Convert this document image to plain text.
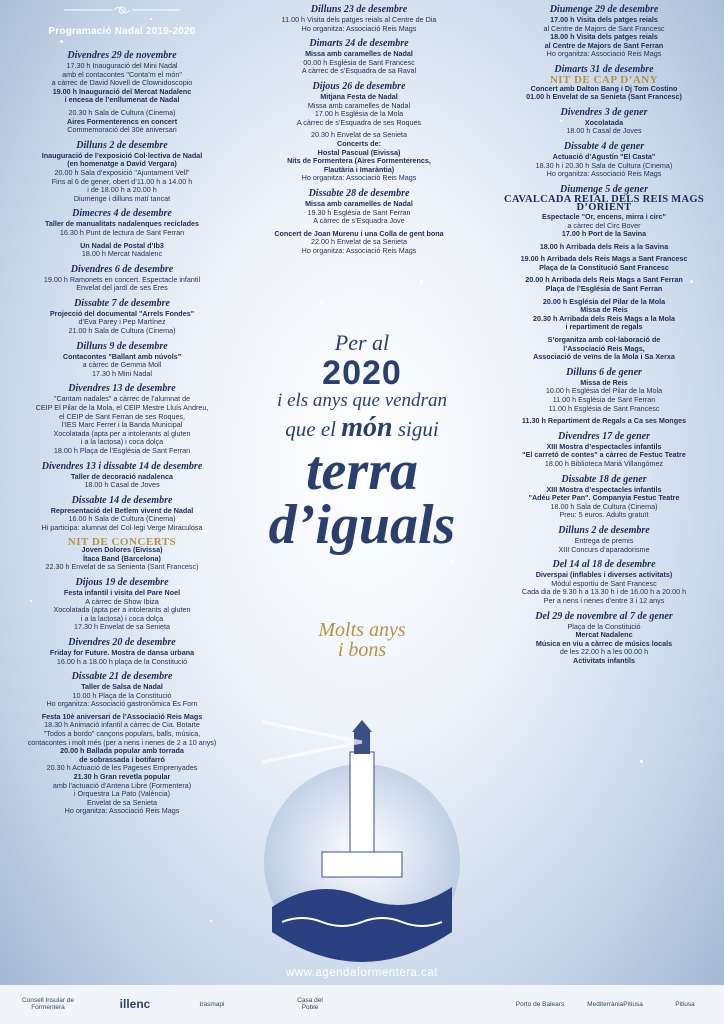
Programació Nadal 2019-2020
Divendres 29 de novembre
17.30 h Inauguració del Mini Nadal
amb el contacontes "Conta’m el món"
a càrrec de David Novell de Clownidoscopio
19.00 h Inauguració del Mercat Nadalenc
i encesa de l’enllumenat de Nadal

20.30 h Sala de Cultura (Cinema)
Aires Formenterencs en concert
Commemoració del 30è aniversari
Dilluns 2 de desembre
Inauguració de l’exposició Col·lectiva de Nadal
(en homenatge a David Vergara)
20.00 h Sala d’exposició "Ajuntament Vell"
Fins al 6 de gener, obert d’11.00 h a 14.00 h
i de 18.00 h a 20.00 h
Diumenge i dilluns matí tancat
Dimecres 4 de desembre
Taller de manualitats nadalenques reciclades
16.30 h Punt de lectura de Sant Ferran

Un Nadal de Postal d’Ib3
18.00 h Mercat Nadalenc
Divendres 6 de desembre
19.00 h Ramonets en concert. Espectacle infantil
Envelat del jardí de ses Eres
Dissabte 7 de desembre
Projecció del documental "Arrels Fondes"
d’Eva Parey i Pep Martínez
21.00 h Sala de Cultura (Cinema)
Dilluns 9 de desembre
Contacontes "Ballant amb núvols"
a càrrec de Gemma Moll
17.30 h Mini Nadal
Divendres 13 de desembre
"Cantam nadales" a càrrec de l’alumnat de
CEIP El Pilar de la Mola, el CEIP Mestre Lluís Andreu,
el CEIP de Sant Ferran de ses Roques,
l’IES Marc Ferrer i la Banda Municipal
Xocolatada (apta per a intolerants al gluten
i a la lactosa) i coca dolça
18.00 h Plaça de l’Església de Sant Ferran
Divendres 13 i dissabte 14 de desembre
Taller de decoració nadalenca
18.00 h Casal de Joves
Dissabte 14 de desembre
Representació del Betlem vivent de Nadal
16.00 h Sala de Cultura (Cinema)
Hi participa: alumnat del Col·legi Verge Miraculosa
NIT DE CONCERTS
Joven Dolores (Eivissa)
Ítaca Band (Barcelona)
22.30 h Envelat de sa Senienta (Sant Francesc)
Dijous 19 de desembre
Festa infantil i visita del Pare Noel
A càrrec de Show Ibiza
Xocolatada (apta per a intolerants al gluten
i a la lactosa) i coca dolça
17.30 h Envelat de sa Senieta
Divendres 20 de desembre
Friday for Future. Mostra de dansa urbana
16.00 h a 18.00 h plaça de la Constitució
Dissabte 21 de desembre
Taller de Salsa de Nadal
10.00 h Plaça de la Constitució
Ho organitza: Associació gastronòmica Es Forn

Festa 10è aniversari de l’Associació Reis Mags
18.30 h Animació infantil a càrrec de Cia. Botarte
"Todos a bordo" cançons populars, balls, música,
contacontes i molt més (per a nens i nenes de 2 a 10 anys)
20.00 h Ballada popular amb torrada
de sobrassada i botifarró
20.30 h Actuació de les Pageses Emprenyades
21.30 h Gran revetla popular
amb l’actuació d’Antena Libre (Formentera)
i Orquestra La Pato (València)
Envelat de sa Senieta
Ho organitza: Associació Reis Mags
Dilluns 23 de desembre
11.00 h Visita dels patges reials al Centre de Dia
Ho organitza: Associació Reis Mags
Dimarts 24 de desembre
Missa amb caramelles de Nadal
00.00 h Església de Sant Francesc
A càrrec de s’Esquadra de sa Raval
Dijous 26 de desembre
Mitjana Festa de Nadal
Missa amb caramelles de Nadal
17.00 h Església de la Mola
A càrrec de s’Esquadra de ses Roques

20.30 h Envelat de sa Senieta
Concerts de:
Hostal Pascual (Eivissa)
Nits de Formentera (Aires Formenterencs,
Flautària i Imaràntia)
Ho organitza: Associació Reis Mags
Dissabte 28 de desembre
Missa amb caramelles de Nadal
19.30 h Església de Sant Ferran
A càrrec de s’Esquadra Jove

Concert de Joan Murenu i una Colla de gent bona
22.00 h Envelat de sa Senieta
Ho organitza: Associació Reis Mags
Diumenge 29 de desembre
17.00 h Visita dels patges reials
al Centre de Majors de Sant Francesc
18.00 h Visita dels patges reials
al Centre de Majors de Sant Ferran
Ho organitza: Associació Reis Mags
Dimarts 31 de desembre
NIT DE CAP D’ANY
Concert amb Dalton Bang i Dj Tom Costino
01.00 h Envelat de sa Senieta (Sant Francesc)
Divendres 3 de gener
Xocolatada
18.00 h Casal de Joves
Dissabte 4 de gener
Actuació d’Agustín "El Casta"
18.30 h i 20.30 h Sala de Cultura (Cinema)
Ho organitza: Associació Reis Mags
Diumenge 5 de gener
CAVALCADA REIAL DELS REIS MAGS D’ORIENT
Espectacle "Or, encens, mirra i circ"
a càrrec del Circ Bover
17.00 h Port de la Savina

18.00 h Arribada dels Reis a la Savina

19.00 h Arribada dels Reis Mags a Sant Francesc
Plaça de la Constitució Sant Francesc

20.00 h Arribada dels Reis Mags a Sant Ferran
Plaça de l’Església de Sant Ferran

20.00 h Església del Pilar de la Mola
Missa de Reis
20.30 h Arribada dels Reis Mags a la Mola
i repartiment de regals

S’organitza amb col·laboració de
l’Associació Reis Mags,
Associació de veïns de la Mola i Sa Xerxa
Dilluns 6 de gener
Missa de Reis
10.00 h Església del Pilar de la Mola
11.00 h Església de Sant Ferran
11.00 h Església de Sant Francesc

11.30 h Repartiment de Regals a Ca ses Monges
Divendres 17 de gener
XIII Mostra d’espectacles infantils
"El carretó de contes" a càrrec de Festuc Teatre
18.00 h Biblioteca Marià Villangómez
Dissabte 18 de gener
XIII Mostra d’espectacles infantils
"Adéu Peter Pan". Companyia Festuc Teatre
18.00 h Sala de Cultura (Cinema)
Preu: 5 euros. Adults gratuït
Dilluns 2 de desembre
Entrega de premis
XIII Concurs d’aparadorisme
Del 14 al 18 de desembre
Diverspai (inflables i diverses activitats)
Mòdul esportiu de Sant Francesc
Cada dia de 9.30 h a 13.30 h i de 16.00 h a 20.00 h
Per a nens i nenes d’entre 3 i 12 anys
Del 29 de novembre al 7 de gener
Plaça de la Constitució
Mercat Nadalenc
Música en viu a càrrec de músics locals
de les 22.00 h a les 00.00 h
Activitats infantils
Per al
2020
i els anys que vendran
que el món sigui
terra
d’iguals
Molts anys
i bons
www.agendaformentera.cat
Consell Insular de Formentera	illenc	trasmapi	Casa del Poble	Porto de Balears	MediterràniaPitiusa	Pitiusa
